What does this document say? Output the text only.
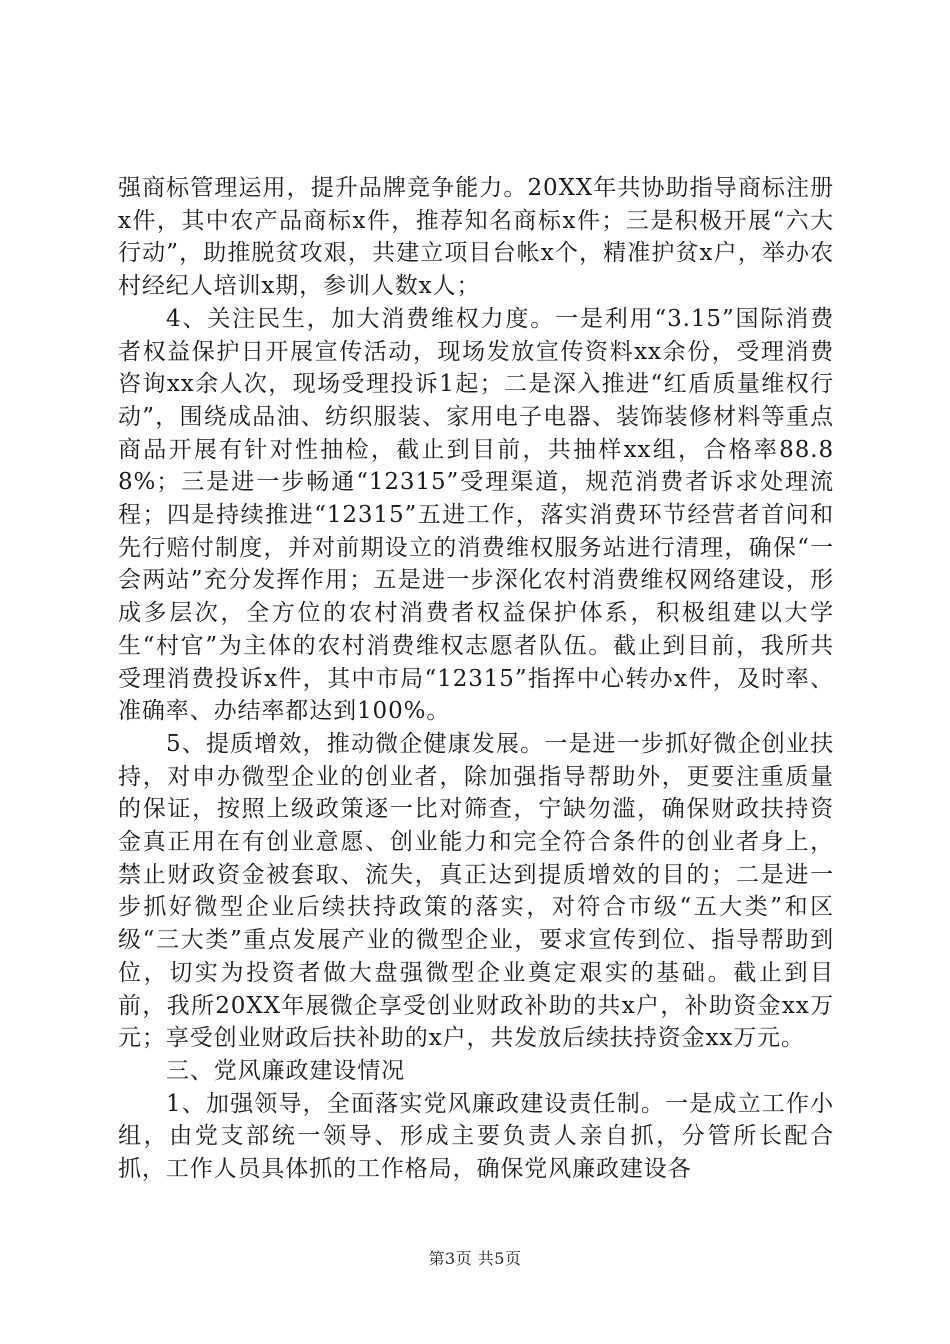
强商标管理运用，提升品牌竞争能力。20XX年共协助指导商标注册x件，其中农产品商标x件，推荐知名商标x件；三是积极开展“六大行动”，助推脱贫攻艰，共建立项目台帐x个，精准护贫x户，举办农村经纪人培训x期，参训人数x人；

4、关注民生，加大消费维权力度。一是利用“3.15”国际消费者权益保护日开展宣传活动，现场发放宣传资料xx余份，受理消费咨询xx余人次，现场受理投诉1起；二是深入推进“红盾质量维权行动”，围绕成品油、纺织服装、家用电子电器、装饰装修材料等重点商品开展有针对性抽检，截止到目前，共抽样xx组，合格率88.88%；三是进一步畅通“12315”受理渠道，规范消费者诉求处理流程；四是持续推进“12315”五进工作，落实消费环节经营者首问和先行赔付制度，并对前期设立的消费维权服务站进行清理，确保“一会两站”充分发挥作用；五是进一步深化农村消费维权网络建设，形成多层次，全方位的农村消费者权益保护体系，积极组建以大学生“村官”为主体的农村消费维权志愿者队伍。截止到目前，我所共受理消费投诉x件，其中市局“12315”指挥中心转办x件，及时率、准确率、办结率都达到100%。

5、提质增效，推动微企健康发展。一是进一步抓好微企创业扶持，对申办微型企业的创业者，除加强指导帮助外，更要注重质量的保证，按照上级政策逐一比对筛查，宁缺勿滥，确保财政扶持资金真正用在有创业意愿、创业能力和完全符合条件的创业者身上，禁止财政资金被套取、流失，真正达到提质增效的目的；二是进一步抓好微型企业后续扶持政策的落实，对符合市级“五大类”和区级“三大类”重点发展产业的微型企业，要求宣传到位、指导帮助到位，切实为投资者做大盘强微型企业奠定艰实的基础。截止到目前，我所20XX年展微企享受创业财政补助的共x户，补助资金xx万元；享受创业财政后扶补助的x户，共发放后续扶持资金xx万元。

三、党风廉政建设情况

1、加强领导，全面落实党风廉政建设责任制。一是成立工作小组，由党支部统一领导、形成主要负责人亲自抓，分管所长配合抓，工作人员具体抓的工作格局，确保党风廉政建设各

第3页 共5页
